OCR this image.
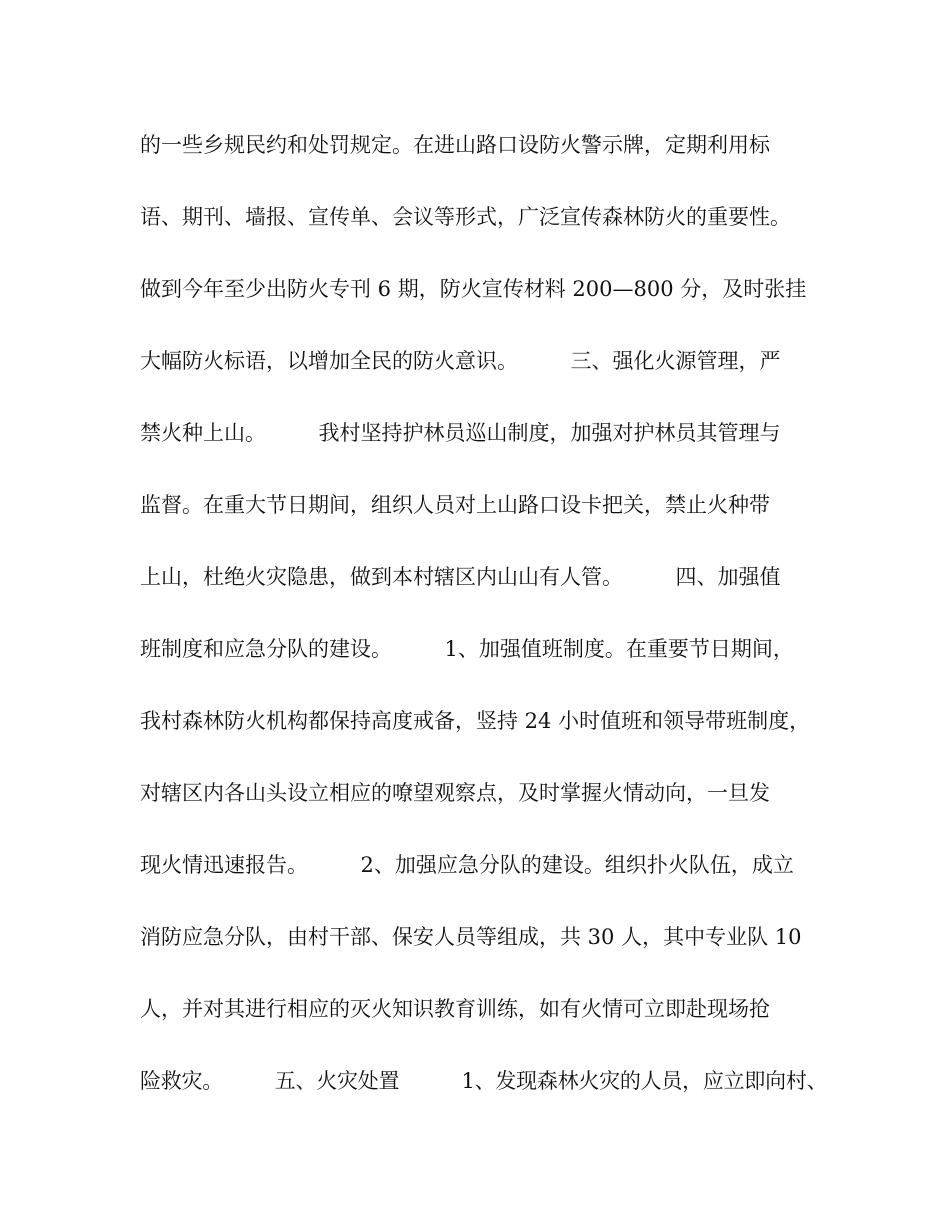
的一些乡规民约和处罚规定。在进山路口设防火警示牌，定期利用标
语、期刊、墙报、宣传单、会议等形式，广泛宣传森林防火的重要性。
做到今年至少出防火专刊 6 期，防火宣传材料 200—800 分，及时张挂
大幅防火标语，以增加全民的防火意识。　　　三、强化火源管理，严
禁火种上山。　　　我村坚持护林员巡山制度，加强对护林员其管理与
监督。在重大节日期间，组织人员对上山路口设卡把关，禁止火种带
上山，杜绝火灾隐患，做到本村辖区内山山有人管。　　　四、加强值
班制度和应急分队的建设。　　　1、加强值班制度。在重要节日期间，
我村森林防火机构都保持高度戒备，竖持 24 小时值班和领导带班制度，
对辖区内各山头设立相应的嘹望观察点，及时掌握火情动向，一旦发
现火情迅速报告。　　　2、加强应急分队的建设。组织扑火队伍，成立
消防应急分队，由村干部、保安人员等组成，共 30 人，其中专业队 10
人，并对其进行相应的灭火知识教育训练，如有火情可立即赴现场抢
险救灾。　　　五、火灾处置　　　1、发现森林火灾的人员，应立即向村、
